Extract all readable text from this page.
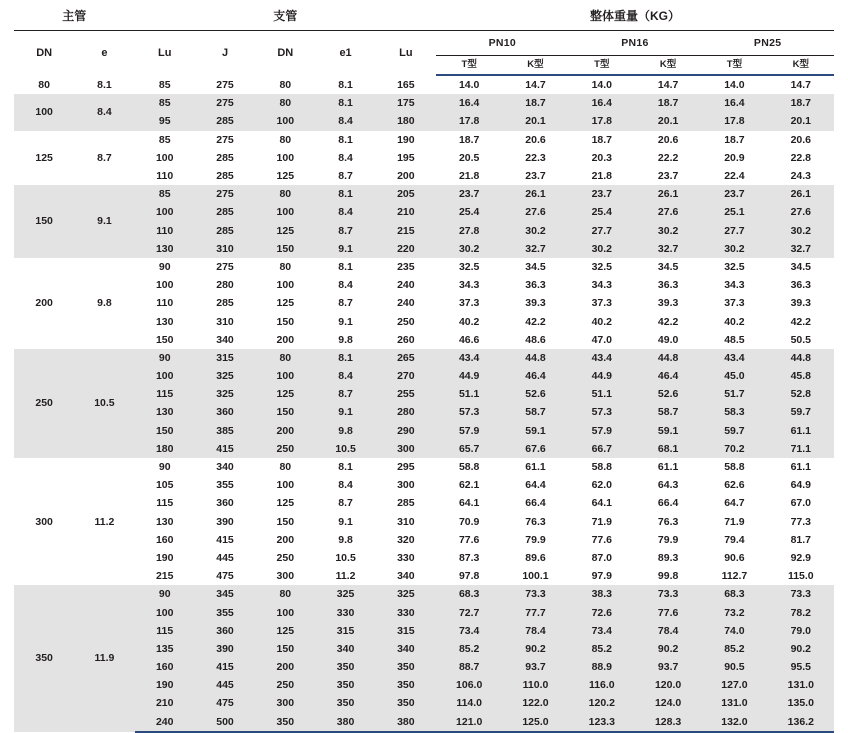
主管		支管					整体重量（KG）					
DN	e	Lu	J	DN	e1	Lu	PN10		PN16		PN25	
							T型	K型	T型	K型	T型	K型
80	8.1	85	275	80	8.1	165	14.0	14.7	14.0	14.7	14.0	14.7
100	8.4	85	275	80	8.1	175	16.4	18.7	16.4	18.7	16.4	18.7
		95	285	100	8.4	180	17.8	20.1	17.8	20.1	17.8	20.1
125	8.7	85	275	80	8.1	190	18.7	20.6	18.7	20.6	18.7	20.6
		100	285	100	8.4	195	20.5	22.3	20.3	22.2	20.9	22.8
		110	285	125	8.7	200	21.8	23.7	21.8	23.7	22.4	24.3
150	9.1	85	275	80	8.1	205	23.7	26.1	23.7	26.1	23.7	26.1
		100	285	100	8.4	210	25.4	27.6	25.4	27.6	25.1	27.6
		110	285	125	8.7	215	27.8	30.2	27.7	30.2	27.7	30.2
		130	310	150	9.1	220	30.2	32.7	30.2	32.7	30.2	32.7
200	9.8	90	275	80	8.1	235	32.5	34.5	32.5	34.5	32.5	34.5
		100	280	100	8.4	240	34.3	36.3	34.3	36.3	34.3	36.3
		110	285	125	8.7	240	37.3	39.3	37.3	39.3	37.3	39.3
		130	310	150	9.1	250	40.2	42.2	40.2	42.2	40.2	42.2
		150	340	200	9.8	260	46.6	48.6	47.0	49.0	48.5	50.5
250	10.5	90	315	80	8.1	265	43.4	44.8	43.4	44.8	43.4	44.8
		100	325	100	8.4	270	44.9	46.4	44.9	46.4	45.0	45.8
		115	325	125	8.7	255	51.1	52.6	51.1	52.6	51.7	52.8
		130	360	150	9.1	280	57.3	58.7	57.3	58.7	58.3	59.7
		150	385	200	9.8	290	57.9	59.1	57.9	59.1	59.7	61.1
		180	415	250	10.5	300	65.7	67.6	66.7	68.1	70.2	71.1
300	11.2	90	340	80	8.1	295	58.8	61.1	58.8	61.1	58.8	61.1
		105	355	100	8.4	300	62.1	64.4	62.0	64.3	62.6	64.9
		115	360	125	8.7	285	64.1	66.4	64.1	66.4	64.7	67.0
		130	390	150	9.1	310	70.9	76.3	71.9	76.3	71.9	77.3
		160	415	200	9.8	320	77.6	79.9	77.6	79.9	79.4	81.7
		190	445	250	10.5	330	87.3	89.6	87.0	89.3	90.6	92.9
		215	475	300	11.2	340	97.8	100.1	97.9	99.8	112.7	115.0
350	11.9	90	345	80	325	325	68.3	73.3	38.3	73.3	68.3	73.3
		100	355	100	330	330	72.7	77.7	72.6	77.6	73.2	78.2
		115	360	125	315	315	73.4	78.4	73.4	78.4	74.0	79.0
		135	390	150	340	340	85.2	90.2	85.2	90.2	85.2	90.2
		160	415	200	350	350	88.7	93.7	88.9	93.7	90.5	95.5
		190	445	250	350	350	106.0	110.0	116.0	120.0	127.0	131.0
		210	475	300	350	350	114.0	122.0	120.2	124.0	131.0	135.0
		240	500	350	380	380	121.0	125.0	123.3	128.3	132.0	136.2
